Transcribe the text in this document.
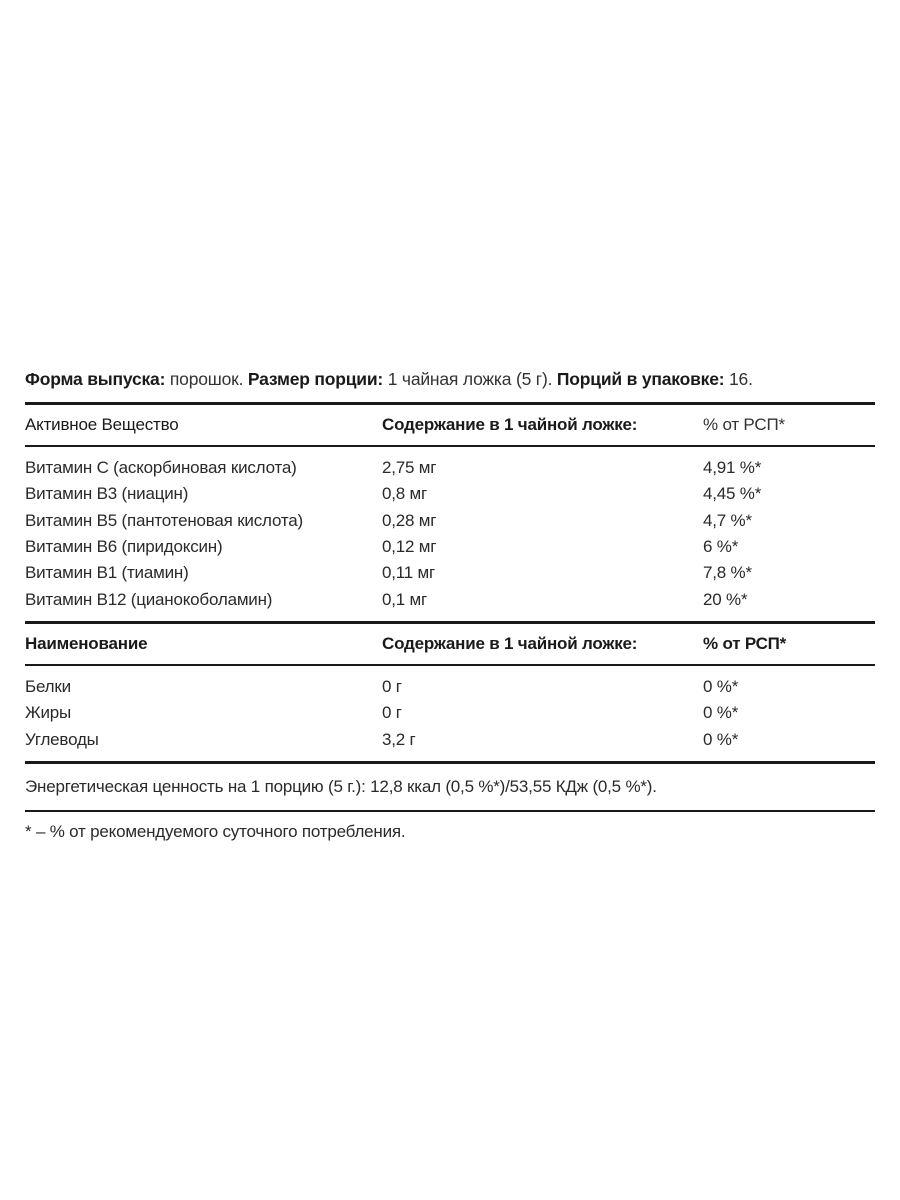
Форма выпуска: порошок. Размер порции: 1 чайная ложка (5 г). Порций в упаковке: 16.
Активное Вещество	Содержание в 1 чайной ложке:	% от РСП*
Витамин С (аскорбиновая кислота)	2,75 мг	4,91 %*
Витамин В3 (ниацин)	0,8 мг	4,45 %*
Витамин В5 (пантотеновая кислота)	0,28 мг	4,7 %*
Витамин В6 (пиридоксин)	0,12 мг	6 %*
Витамин В1 (тиамин)	0,11 мг	7,8 %*
Витамин В12 (цианокоболамин)	0,1 мг	20 %*
Наименование	Содержание в 1 чайной ложке:	% от РСП*
Белки	0 г	0 %*
Жиры	0 г	0 %*
Углеводы	3,2 г	0 %*
Энергетическая ценность на 1 порцию (5 г.): 12,8 ккал (0,5 %*)/53,55 КДж (0,5 %*).
* – % от рекомендуемого суточного потребления.
